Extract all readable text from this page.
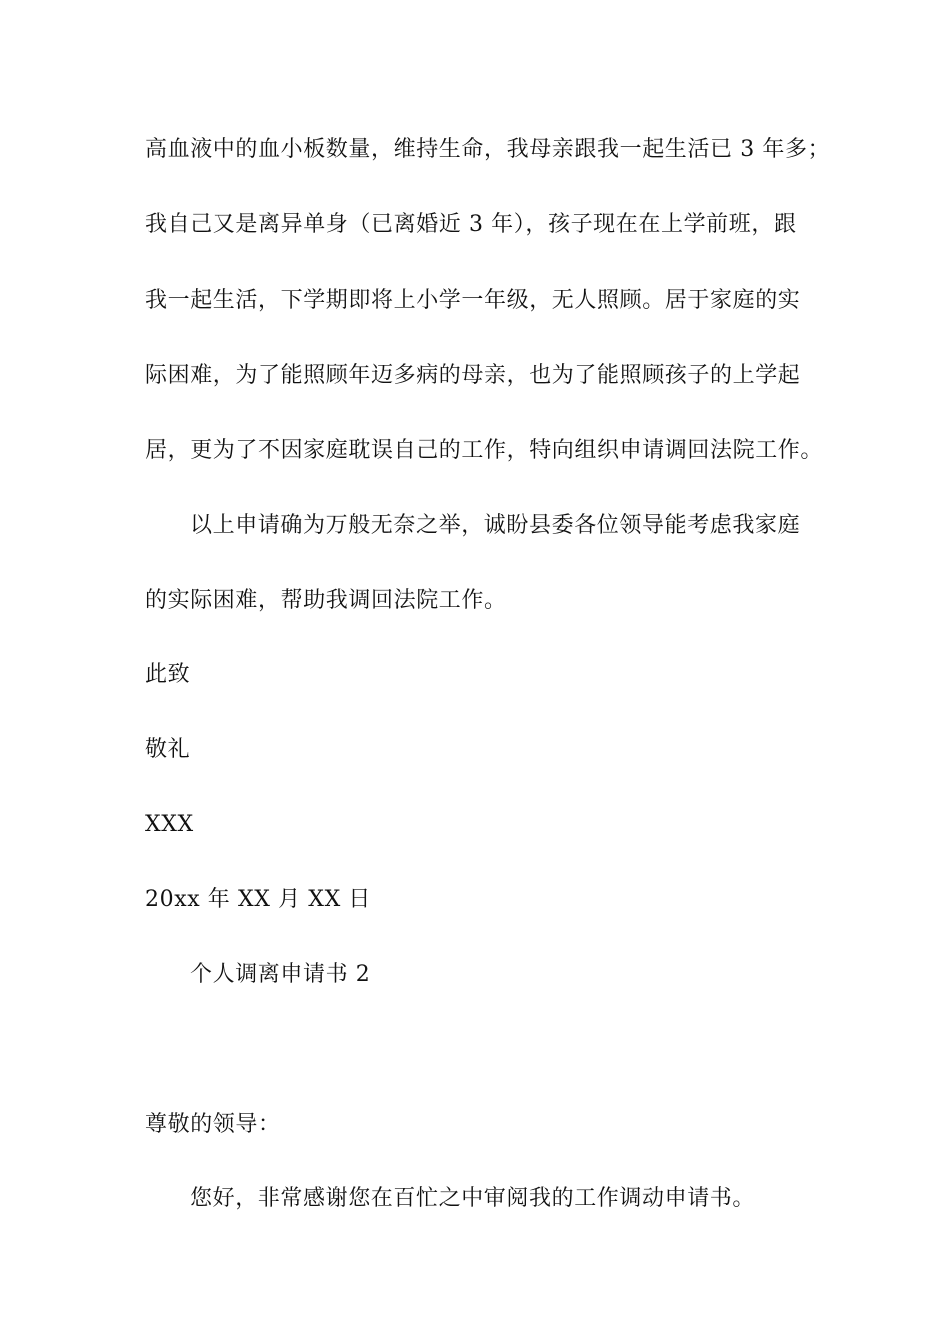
高血液中的血小板数量，维持生命，我母亲跟我一起生活已 3 年多；
我自己又是离异单身（已离婚近 3 年），孩子现在在上学前班，跟
我一起生活，下学期即将上小学一年级，无人照顾。居于家庭的实
际困难，为了能照顾年迈多病的母亲，也为了能照顾孩子的上学起
居，更为了不因家庭耽误自己的工作，特向组织申请调回法院工作。
以上申请确为万般无奈之举，诚盼县委各位领导能考虑我家庭
的实际困难，帮助我调回法院工作。
此致
敬礼
XXX
20xx 年 XX 月 XX 日
个人调离申请书 2
尊敬的领导：
您好，非常感谢您在百忙之中审阅我的工作调动申请书。
